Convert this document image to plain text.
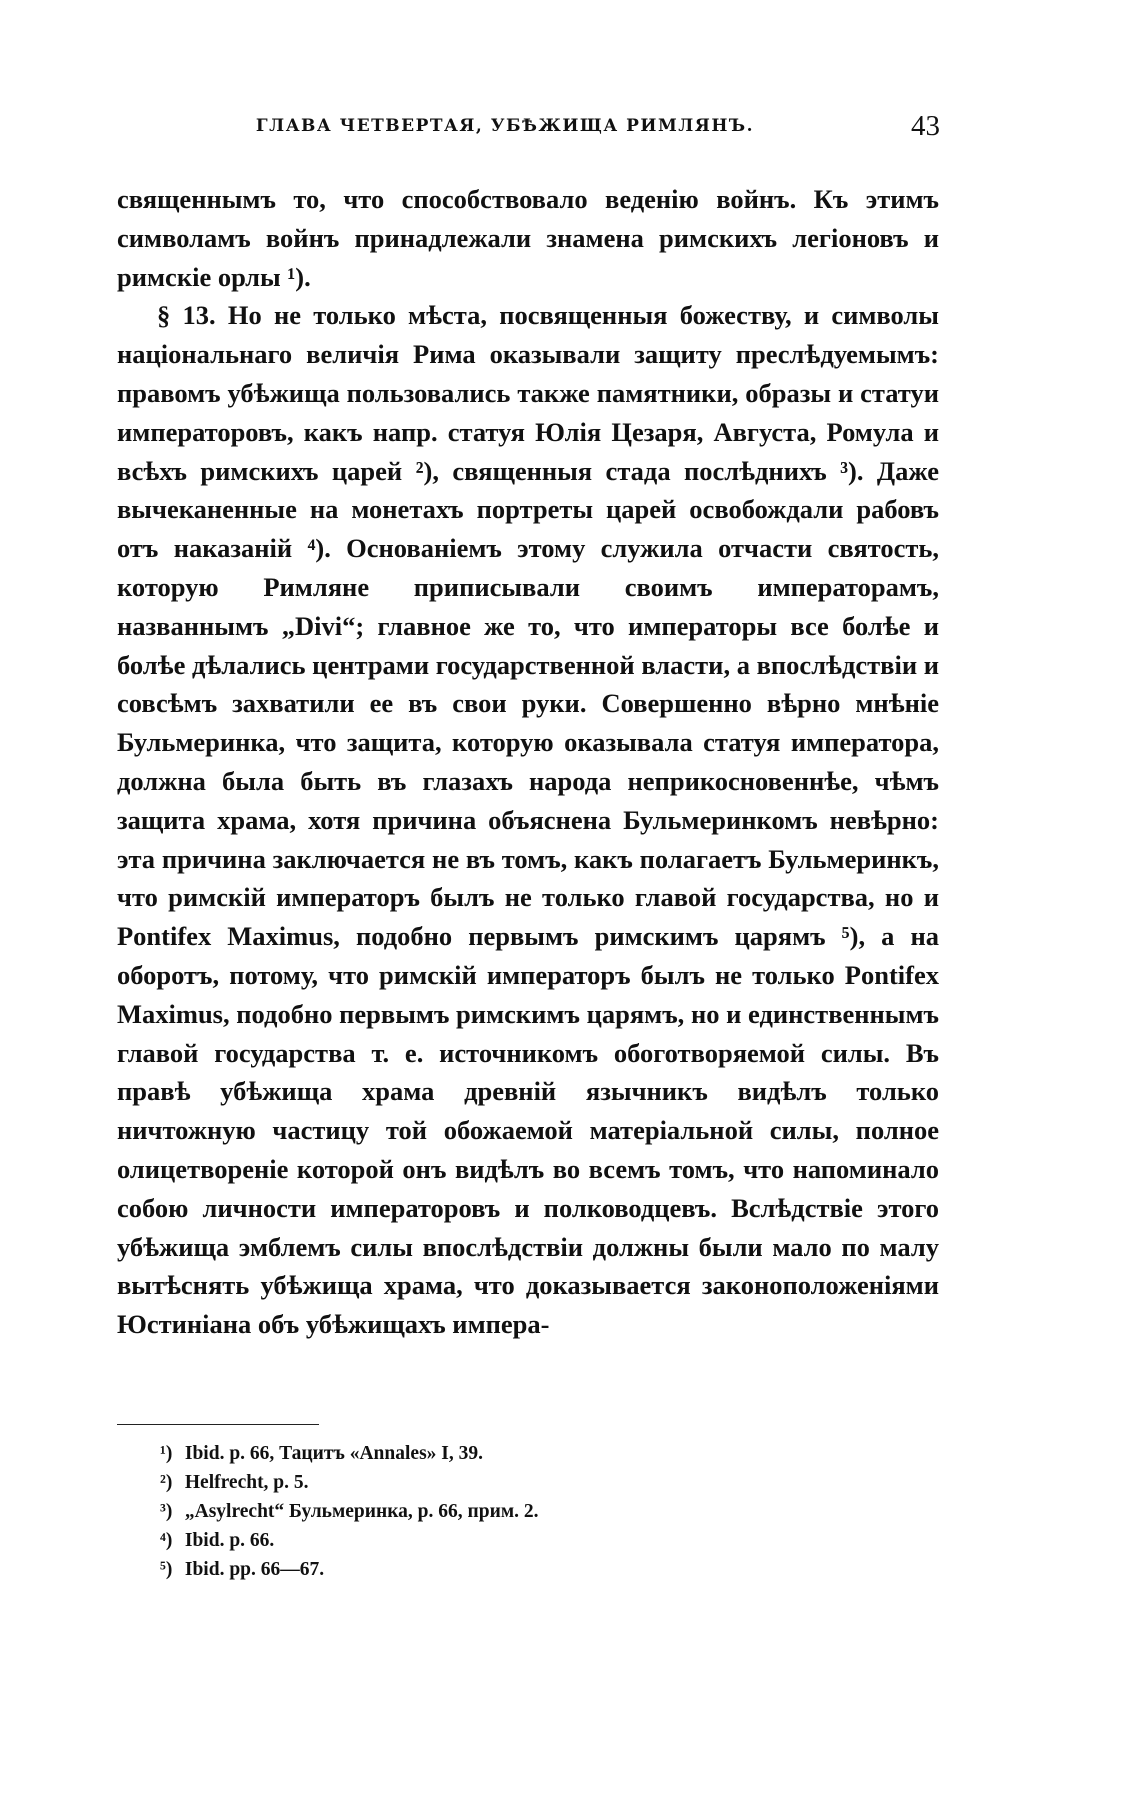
ГЛАВА ЧЕТВЕРТАЯ, УБѢЖИЩА РИМЛЯНЪ.	43

священнымъ то, что способствовало веденію войнъ. Къ этимъ символамъ войнъ принадлежали знамена римскихъ легіоновъ и римскіе орлы ¹).

§ 13. Но не только мѣста, посвященныя божеству, и символы національнаго величія Рима оказывали защиту преслѣдуемымъ: правомъ убѣжища пользовались также памятники, образы и статуи императоровъ, какъ напр. статуя Юлія Цезаря, Августа, Ромула и всѣхъ римскихъ царей ²), священныя стада послѣднихъ ³). Даже вычеканенные на монетахъ портреты царей освобождали рабовъ отъ наказаній ⁴). Основаніемъ этому служила отчасти святость, которую Римляне приписывали своимъ императорамъ, названнымъ „Divi“; главное же то, что императоры все болѣе и болѣе дѣлались центрами государственной власти, а впослѣдствіи и совсѣмъ захватили ее въ свои руки. Совершенно вѣрно мнѣніе Бульмеринка, что защита, которую оказывала статуя императора, должна была быть въ глазахъ народа неприкосновеннѣе, чѣмъ защита храма, хотя причина объяснена Бульмеринкомъ невѣрно: эта причина заключается не въ томъ, какъ полагаетъ Бульмеринкъ, что римскій императоръ былъ не только главой государства, но и Pontifex Maximus, подобно первымъ римскимъ царямъ ⁵), а на оборотъ, потому, что римскій императоръ былъ не только Pontifex Maximus, подобно первымъ римскимъ царямъ, но и единственнымъ главой государства т. е. источникомъ обоготворяемой силы. Въ правѣ убѣжища храма древній язычникъ видѣлъ только ничтожную частицу той обожаемой матеріальной силы, полное олицетвореніе которой онъ видѣлъ во всемъ томъ, что напоминало собою личности императоровъ и полководцевъ. Вслѣдствіе этого убѣжища эмблемъ силы впослѣдствіи должны были мало по малу вытѣснять убѣжища храма, что доказывается законоположеніями Юстиніана объ убѣжищахъ импера-

¹) Ibid. p. 66, Тацитъ «Annales» I, 39.
²) Helfrecht, p. 5.
³) „Asylrecht“ Бульмеринка, p. 66, прим. 2.
⁴) Ibid. p. 66.
⁵) Ibid. pp. 66—67.
